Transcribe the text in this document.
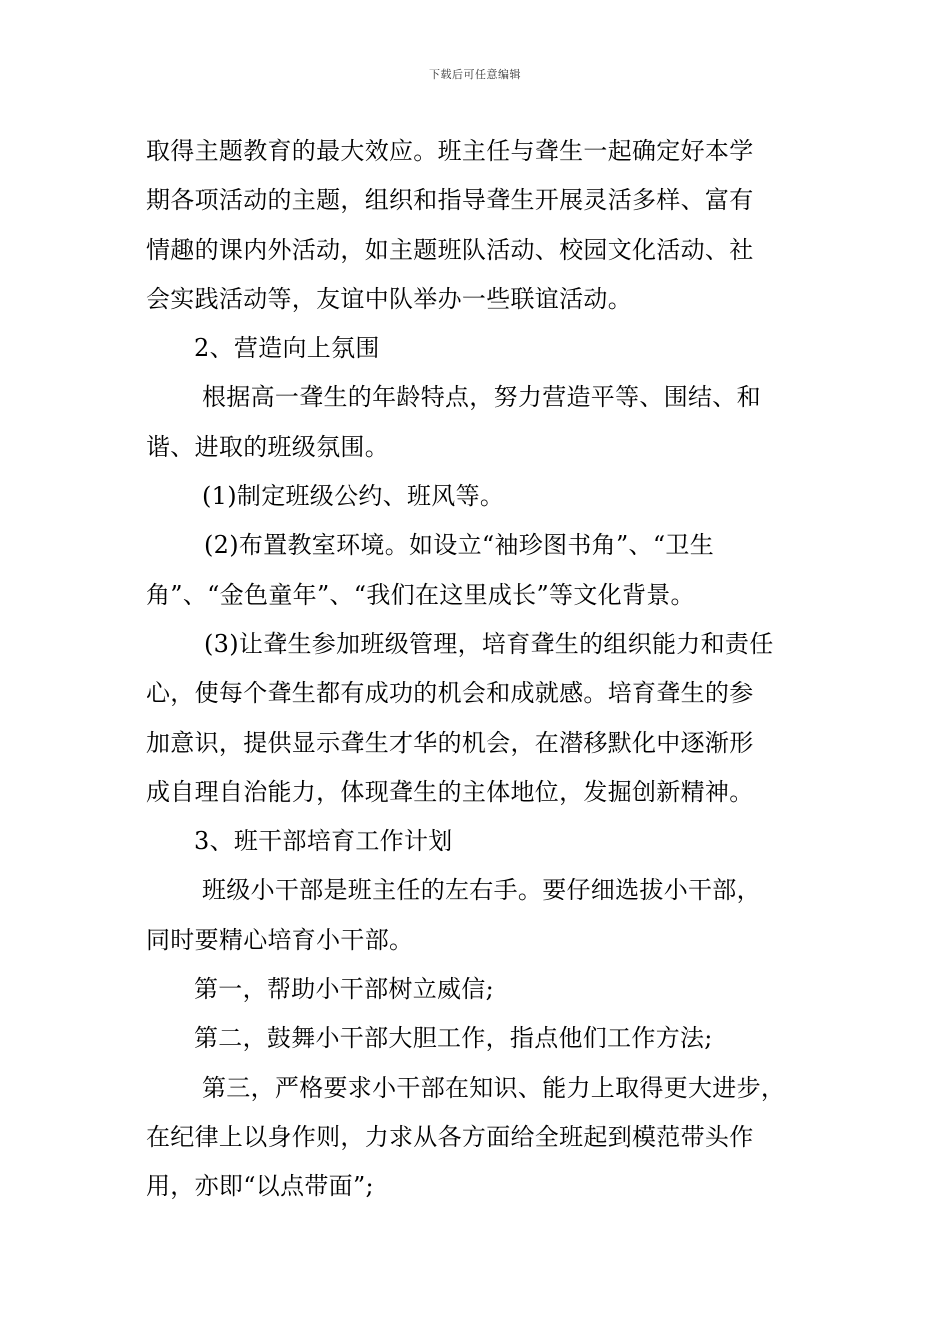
下载后可任意编辑
取得主题教育的最大效应。班主任与聋生一起确定好本学
期各项活动的主题，组织和指导聋生开展灵活多样、富有
情趣的课内外活动，如主题班队活动、校园文化活动、社
会实践活动等，友谊中队举办一些联谊活动。
2、营造向上氛围
根据高一聋生的年龄特点，努力营造平等、围结、和
谐、进取的班级氛围。
(1)制定班级公约、班风等。
(2)布置教室环境。如设立“袖珍图书角”、“卫生
角”、“金色童年”、“我们在这里成长”等文化背景。
(3)让聋生参加班级管理，培育聋生的组织能力和责任
心，使每个聋生都有成功的机会和成就感。培育聋生的参
加意识，提供显示聋生才华的机会，在潜移默化中逐渐形
成自理自治能力，体现聋生的主体地位，发掘创新精神。
3、班干部培育工作计划
班级小干部是班主任的左右手。要仔细选拔小干部，
同时要精心培育小干部。
第一，帮助小干部树立威信;
第二，鼓舞小干部大胆工作，指点他们工作方法;
第三，严格要求小干部在知识、能力上取得更大进步，
在纪律上以身作则，力求从各方面给全班起到模范带头作
用，亦即“以点带面”;
